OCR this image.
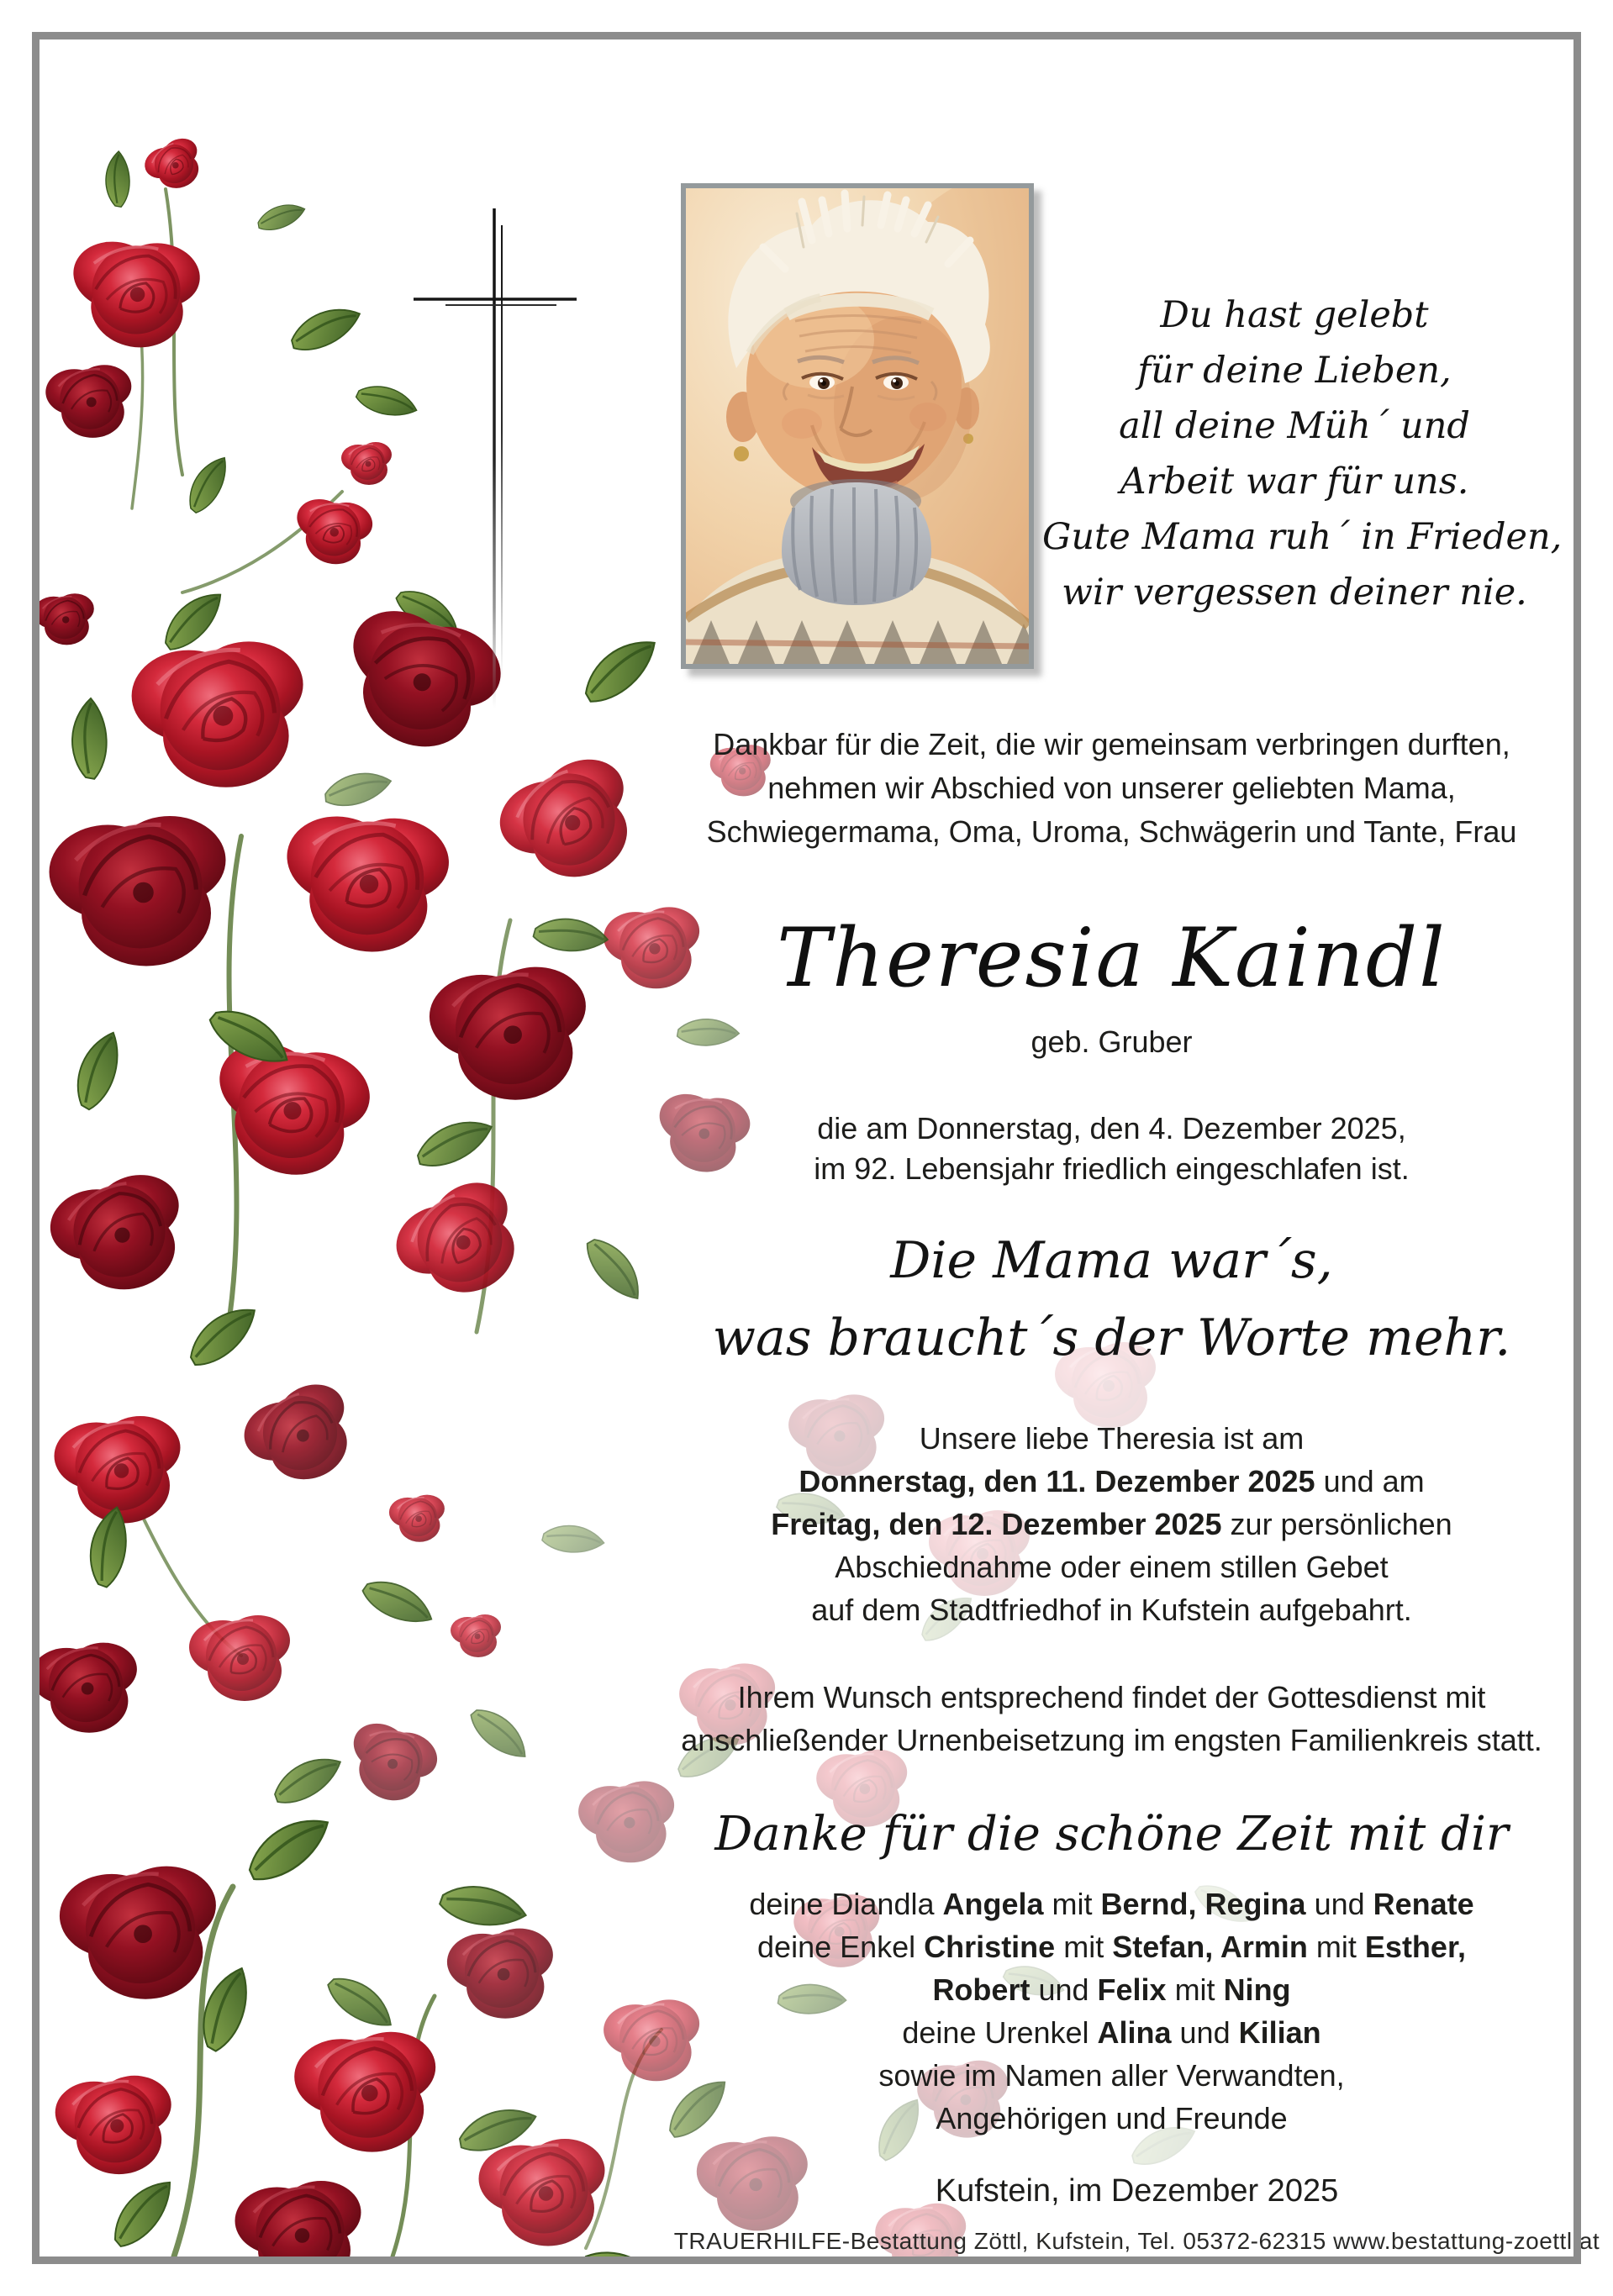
Du hast gelebt
für deine Lieben,
all deine Müh´ und
Arbeit war für uns.
Gute Mama ruh´ in Frieden,
wir vergessen deiner nie.
Dankbar für die Zeit, die wir gemeinsam verbringen durften,
nehmen wir Abschied von unserer geliebten Mama,
Schwiegermama, Oma, Uroma, Schwägerin und Tante, Frau
Theresia Kaindl
geb. Gruber
die am Donnerstag, den 4. Dezember 2025,
im 92. Lebensjahr friedlich eingeschlafen ist.
Die Mama war´s,
was braucht´s der Worte mehr.
Unsere liebe Theresia ist am
Donnerstag, den 11. Dezember 2025 und am
Freitag, den 12. Dezember 2025 zur persönlichen
Abschiednahme oder einem stillen Gebet
auf dem Stadtfriedhof in Kufstein aufgebahrt.
Ihrem Wunsch entsprechend findet der Gottesdienst mit
anschließender Urnenbeisetzung im engsten Familienkreis statt.
Danke für die schöne Zeit mit dir
deine Diandla Angela mit Bernd, Regina und Renate
deine Enkel Christine mit Stefan, Armin mit Esther,
Robert und Felix mit Ning
deine Urenkel Alina und Kilian
sowie im Namen aller Verwandten,
Angehörigen und Freunde
Kufstein, im Dezember 2025
TRAUERHILFE-Bestattung Zöttl, Kufstein, Tel. 05372-62315 www.bestattung-zoettl.at
